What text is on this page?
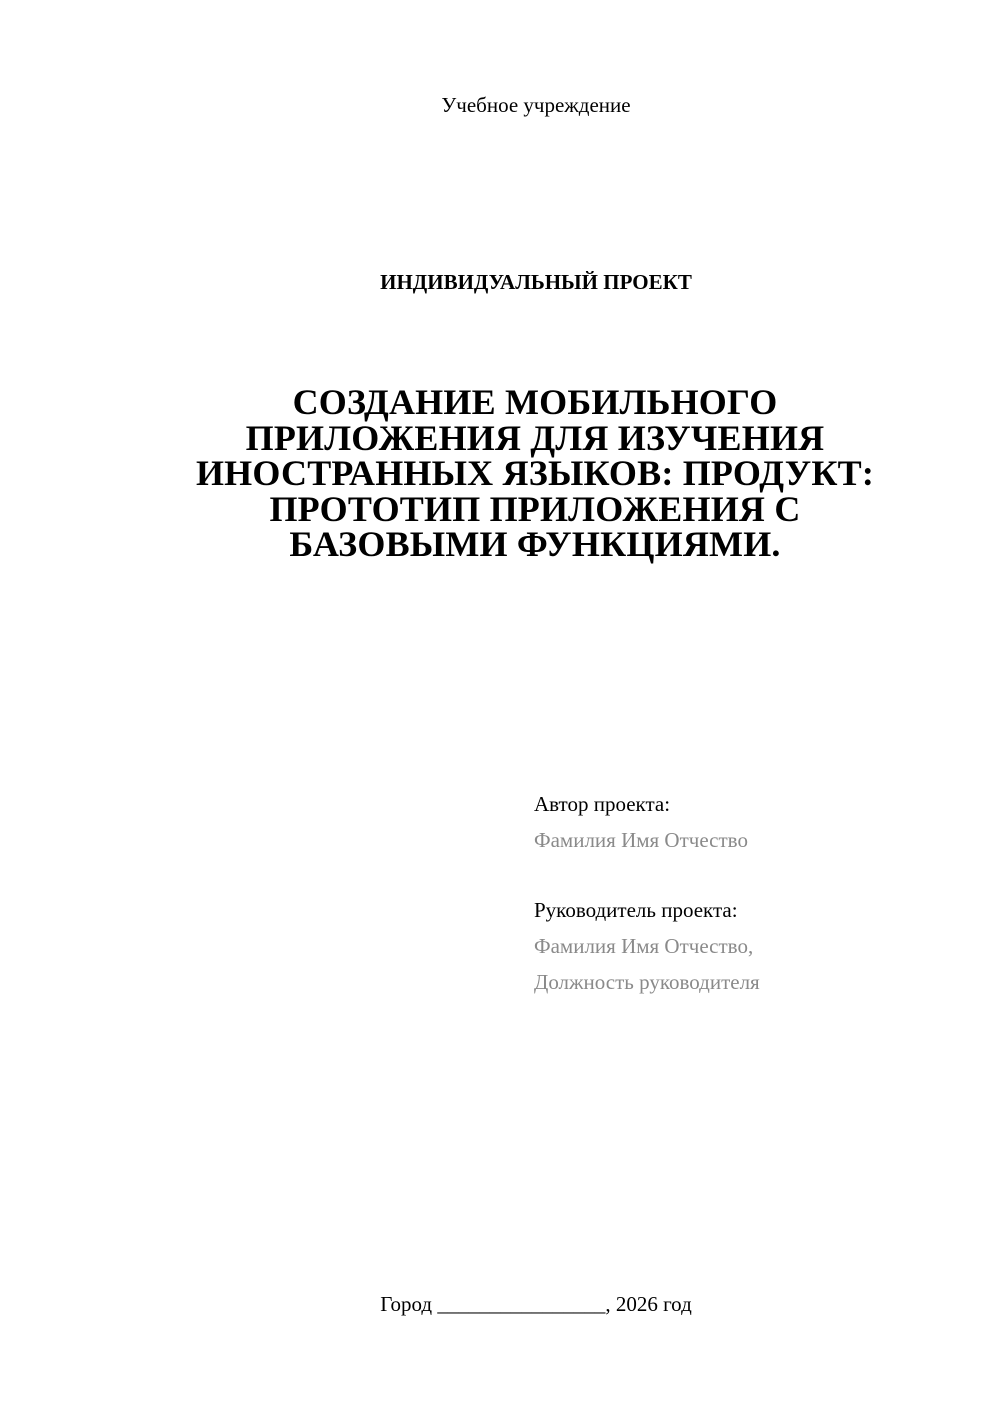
Учебное учреждение
ИНДИВИДУАЛЬНЫЙ ПРОЕКТ
СОЗДАНИЕ МОБИЛЬНОГО
ПРИЛОЖЕНИЯ ДЛЯ ИЗУЧЕНИЯ
ИНОСТРАННЫХ ЯЗЫКОВ: ПРОДУКТ:
ПРОТОТИП ПРИЛОЖЕНИЯ С
БАЗОВЫМИ ФУНКЦИЯМИ.
Автор проекта:
Фамилия Имя Отчество
Руководитель проекта:
Фамилия Имя Отчество,
Должность руководителя
Город ________________, 2026 год
